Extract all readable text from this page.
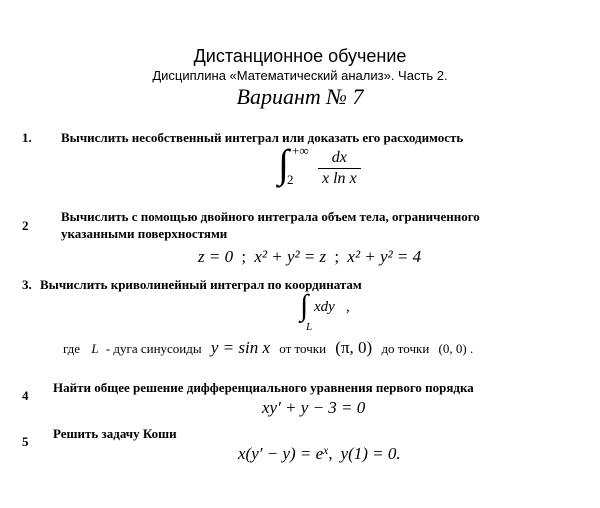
Дистанционное обучение
Дисциплина «Математический анализ». Часть 2.
Вариант № 7
1. Вычислить несобственный интеграл или доказать его расходимость
∫ +∞
$2 \frac{dx}{\text{x ln x}}$
2
Вычислить с помощью двойного интеграла объем тела, ограниченного
указанными поверхностями
z = 0 ; x² + y² = z ; x² + y² = 4
3. Вычислить криволинейный интеграл по координатам
∫ xdy ,
L
где L - дуга синусоиды y = sin x от точки (π, 0) до точки (0, 0) .
4
Найти общее решение дифференциального уравнения первого порядка
xy′ + y − 3 = 0
5
Решить задачу Коши
$x(y' - y) = e^x$, y(1) = 0.
